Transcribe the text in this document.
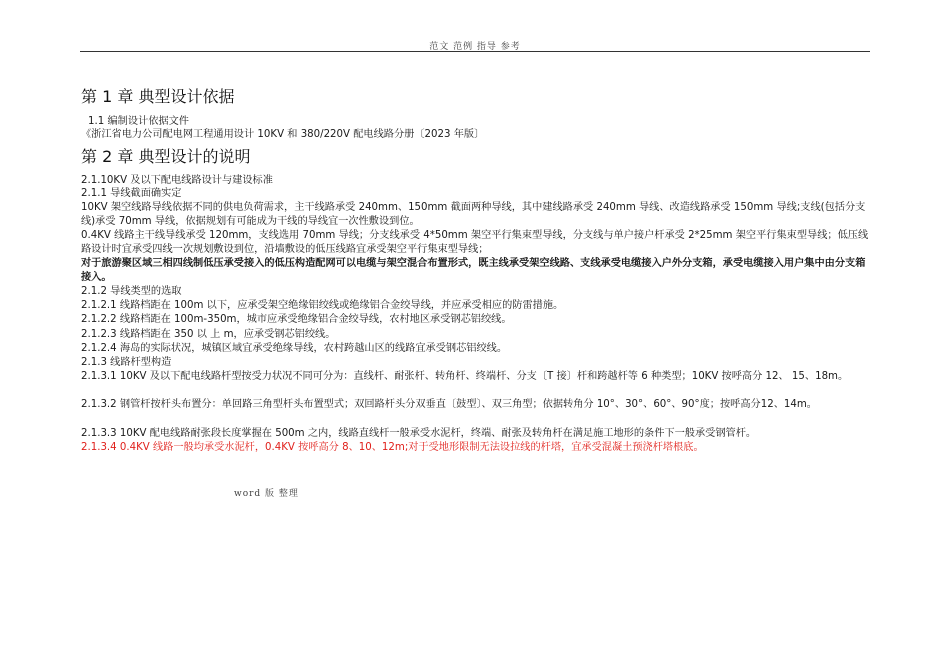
范文 范例 指导 参考
第 1 章 典型设计依据
1.1 编制设计依据文件
《浙江省电力公司配电网工程通用设计 10KV 和 380/220V 配电线路分册〔2023 年版〕
第 2 章 典型设计的说明
2.1.10KV 及以下配电线路设计与建设标准
2.1.1 导线截面确实定
10KV 架空线路导线依据不同的供电负荷需求，主干线路承受 240mm、150mm 截面两种导线，其中建线路承受 240mm 导线、改造线路承受 150mm 导线;支线(包括分支线)承受 70mm 导线，依据规划有可能成为干线的导线宜一次性敷设到位。
0.4KV 线路主干线导线承受 120mm，支线选用 70mm 导线；分支线承受 4*50mm 架空平行集束型导线，分支线与单户接户杆承受 2*25mm 架空平行集束型导线；低压线路设计时宜承受四线一次规划敷设到位，沿墙敷设的低压线路宜承受架空平行集束型导线；
对于旅游聚区域三相四线制低压承受接入的低压构造配网可以电缆与架空混合布置形式，既主线承受架空线路、支线承受电缆接入户外分支箱，承受电缆接入用户集中由分支箱接入。
2.1.2 导线类型的选取
2.1.2.1 线路档距在 100m 以下，应承受架空绝缘铝绞线或绝缘铝合金绞导线，并应承受相应的防雷措施。
2.1.2.2 线路档距在 100m-350m，城市应承受绝缘铝合金绞导线，农村地区承受钢芯铝绞线。
2.1.2.3 线路档距在 350 以 上 m，应承受钢芯铝绞线。
2.1.2.4 海岛的实际状况，城镇区域宜承受绝缘导线，农村跨越山区的线路宜承受钢芯铝绞线。
2.1.3 线路杆型构造
2.1.3.1 10KV 及以下配电线路杆型按受力状况不同可分为：直线杆、耐张杆、转角杆、终端杆、分支〔T 接〕杆和跨越杆等 6 种类型；10KV 按呼高分 12、 15、18m。
2.1.3.2 钢管杆按杆头布置分：单回路三角型杆头布置型式；双回路杆头分双垂直〔鼓型〕、双三角型；依据转角分 10°、30°、60°、90°度；按呼高分12、14m。
2.1.3.3 10KV 配电线路耐张段长度掌握在 500m 之内，线路直线杆一般承受水泥杆，终端、耐张及转角杆在满足施工地形的条件下一般承受钢管杆。
2.1.3.4 0.4KV 线路一般均承受水泥杆，0.4KV 按呼高分 8、10、12m;对于受地形限制无法设拉线的杆塔，宜承受混凝土预浇杆塔根底。
word 版 整理
